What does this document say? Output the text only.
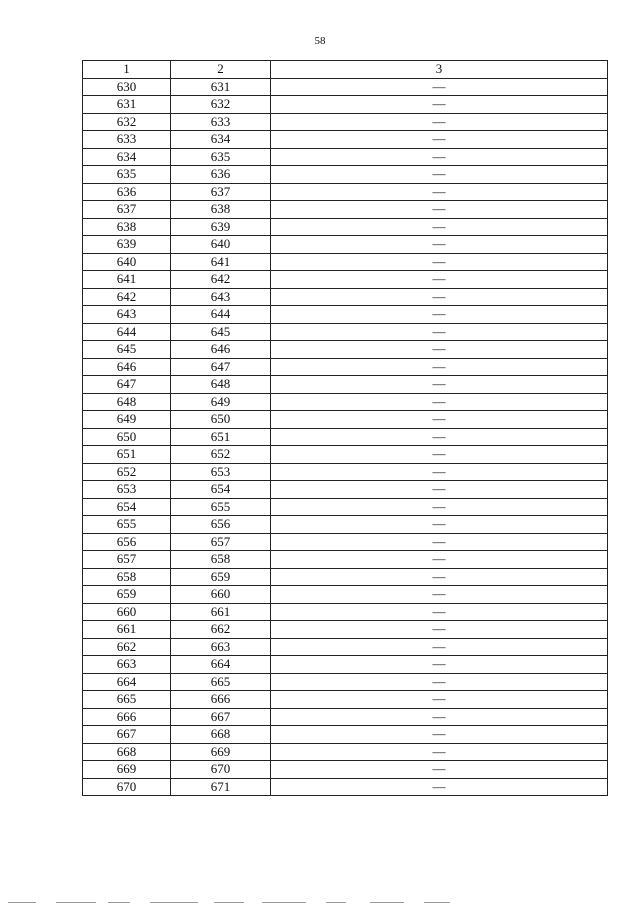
58
1	2	3
630	631	—
631	632	—
632	633	—
633	634	—
634	635	—
635	636	—
636	637	—
637	638	—
638	639	—
639	640	—
640	641	—
641	642	—
642	643	—
643	644	—
644	645	—
645	646	—
646	647	—
647	648	—
648	649	—
649	650	—
650	651	—
651	652	—
652	653	—
653	654	—
654	655	—
655	656	—
656	657	—
657	658	—
658	659	—
659	660	—
660	661	—
661	662	—
662	663	—
663	664	—
664	665	—
665	666	—
666	667	—
667	668	—
668	669	—
669	670	—
670	671	—
